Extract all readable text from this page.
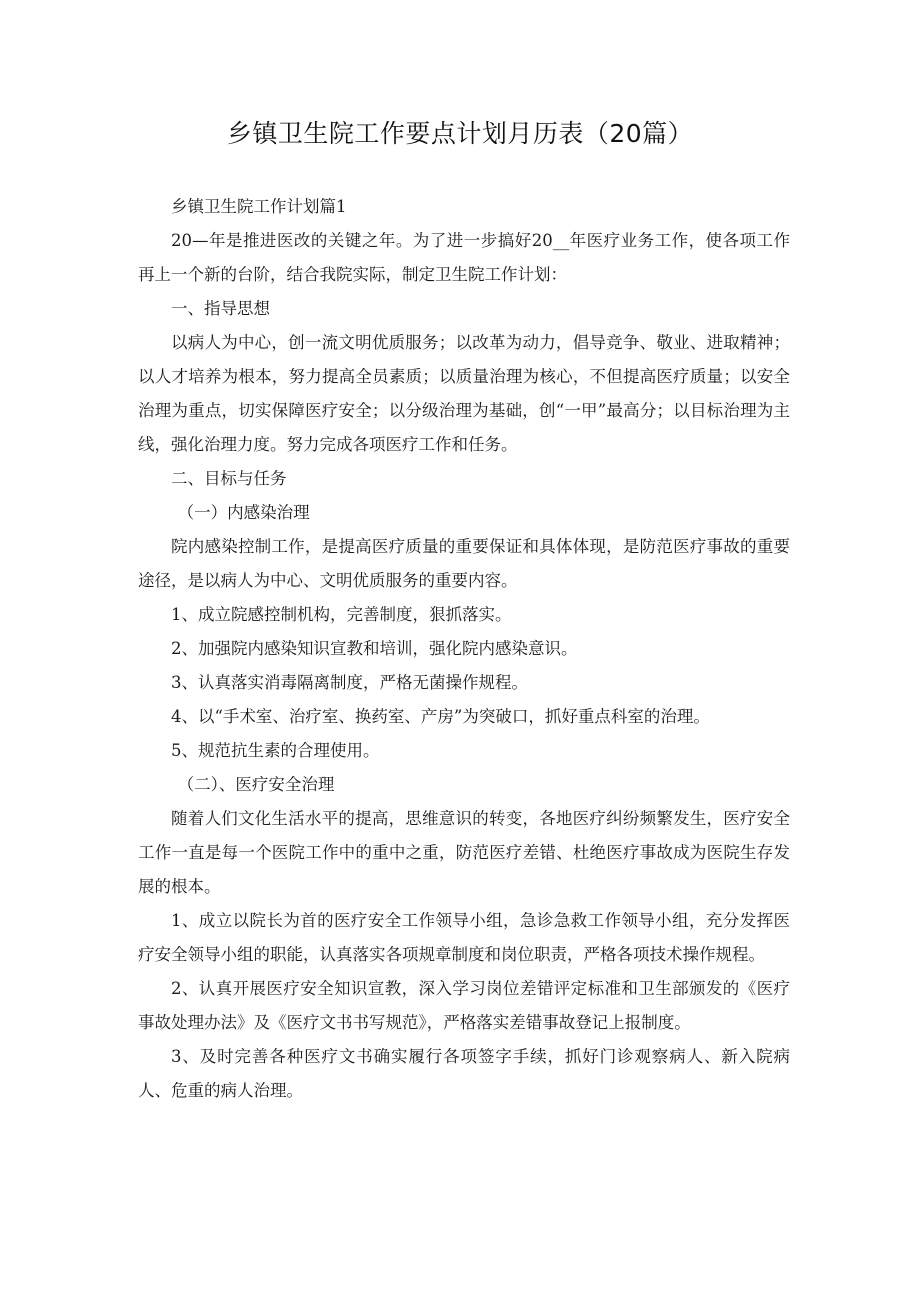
乡镇卫生院工作要点计划月历表（20篇）

乡镇卫生院工作计划篇1

20—年是推进医改的关键之年。为了进一步搞好20__年医疗业务工作，使各项工作再上一个新的台阶，结合我院实际，制定卫生院工作计划：

一、指导思想

以病人为中心，创一流文明优质服务；以改革为动力，倡导竞争、敬业、进取精神；以人才培养为根本，努力提高全员素质；以质量治理为核心，不但提高医疗质量；以安全治理为重点，切实保障医疗安全；以分级治理为基础，创“一甲”最高分；以目标治理为主线，强化治理力度。努力完成各项医疗工作和任务。

二、目标与任务

（一）内感染治理

院内感染控制工作，是提高医疗质量的重要保证和具体体现，是防范医疗事故的重要途径，是以病人为中心、文明优质服务的重要内容。

1、成立院感控制机构，完善制度，狠抓落实。

2、加强院内感染知识宣教和培训，强化院内感染意识。

3、认真落实消毒隔离制度，严格无菌操作规程。

4、以“手术室、治疗室、换药室、产房”为突破口，抓好重点科室的治理。

5、规范抗生素的合理使用。

（二）、医疗安全治理

随着人们文化生活水平的提高，思维意识的转变，各地医疗纠纷频繁发生，医疗安全工作一直是每一个医院工作中的重中之重，防范医疗差错、杜绝医疗事故成为医院生存发展的根本。

1、成立以院长为首的医疗安全工作领导小组，急诊急救工作领导小组，充分发挥医疗安全领导小组的职能，认真落实各项规章制度和岗位职责，严格各项技术操作规程。

2、认真开展医疗安全知识宣教，深入学习岗位差错评定标准和卫生部颁发的《医疗事故处理办法》及《医疗文书书写规范》，严格落实差错事故登记上报制度。

3、及时完善各种医疗文书确实履行各项签字手续，抓好门诊观察病人、新入院病人、危重的病人治理。
